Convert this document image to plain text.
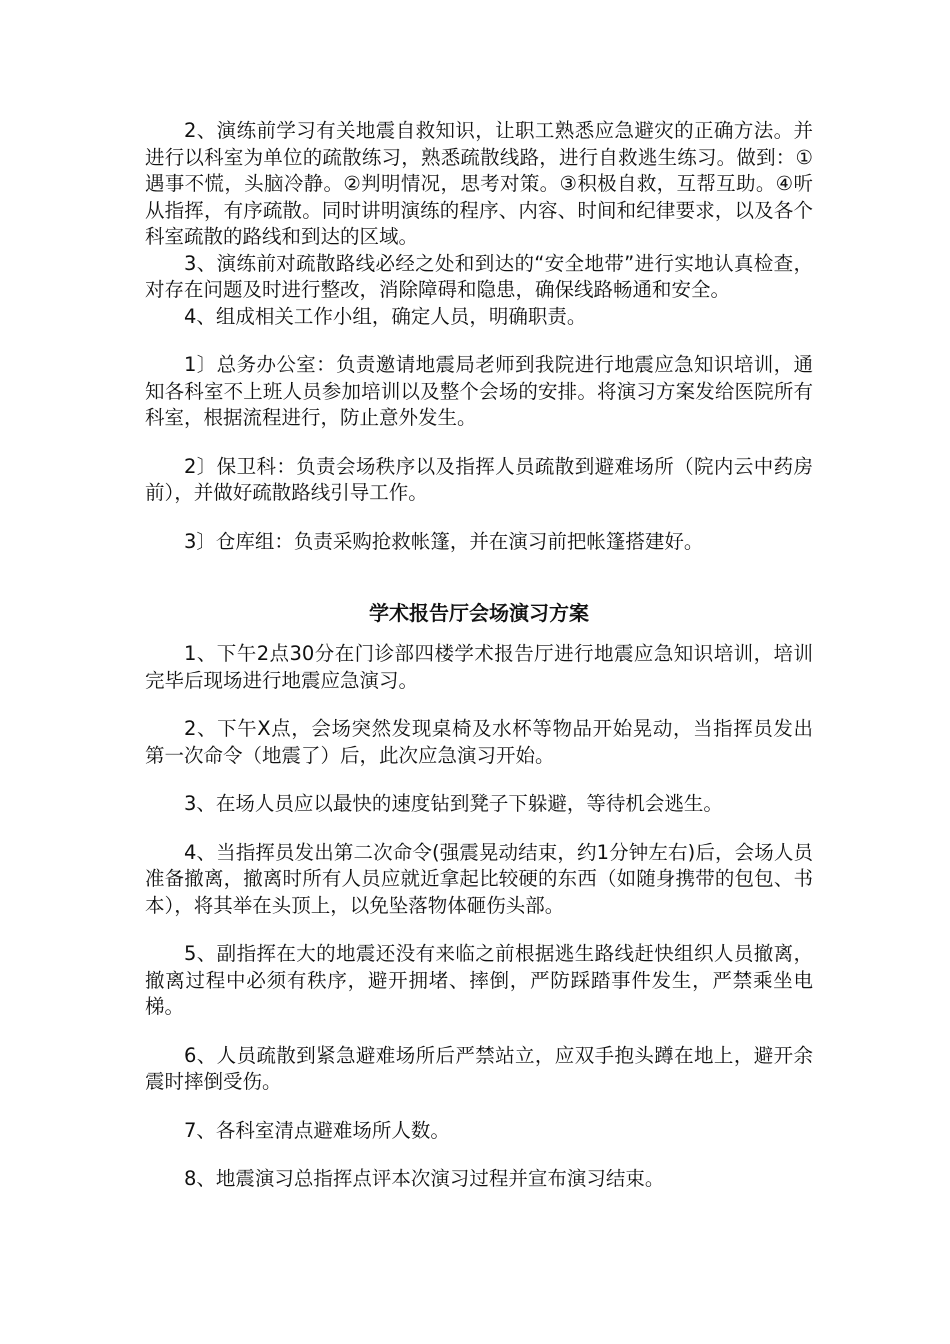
2、演练前学习有关地震自救知识，让职工熟悉应急避灾的正确方法。并进行以科室为单位的疏散练习，熟悉疏散线路，进行自救逃生练习。做到：①遇事不慌，头脑冷静。②判明情况，思考对策。③积极自救，互帮互助。④听从指挥，有序疏散。同时讲明演练的程序、内容、时间和纪律要求，以及各个科室疏散的路线和到达的区域。

3、演练前对疏散路线必经之处和到达的“安全地带”进行实地认真检查，对存在问题及时进行整改，消除障碍和隐患，确保线路畅通和安全。

4、组成相关工作小组，确定人员，明确职责。

1〕总务办公室：负责邀请地震局老师到我院进行地震应急知识培训，通知各科室不上班人员参加培训以及整个会场的安排。将演习方案发给医院所有科室，根据流程进行，防止意外发生。

2〕保卫科：负责会场秩序以及指挥人员疏散到避难场所（院内云中药房前），并做好疏散路线引导工作。

3〕仓库组：负责采购抢救帐篷，并在演习前把帐篷搭建好。

学术报告厅会场演习方案

1、下午2点30分在门诊部四楼学术报告厅进行地震应急知识培训，培训完毕后现场进行地震应急演习。

2、下午X点，会场突然发现桌椅及水杯等物品开始晃动，当指挥员发出第一次命令（地震了）后，此次应急演习开始。

3、在场人员应以最快的速度钻到凳子下躲避，等待机会逃生。

4、当指挥员发出第二次命令(强震晃动结束，约1分钟左右)后，会场人员准备撤离，撤离时所有人员应就近拿起比较硬的东西（如随身携带的包包、书本），将其举在头顶上，以免坠落物体砸伤头部。

5、副指挥在大的地震还没有来临之前根据逃生路线赶快组织人员撤离，撤离过程中必须有秩序，避开拥堵、摔倒，严防踩踏事件发生，严禁乘坐电梯。

6、人员疏散到紧急避难场所后严禁站立，应双手抱头蹲在地上，避开余震时摔倒受伤。

7、各科室清点避难场所人数。

8、地震演习总指挥点评本次演习过程并宣布演习结束。
